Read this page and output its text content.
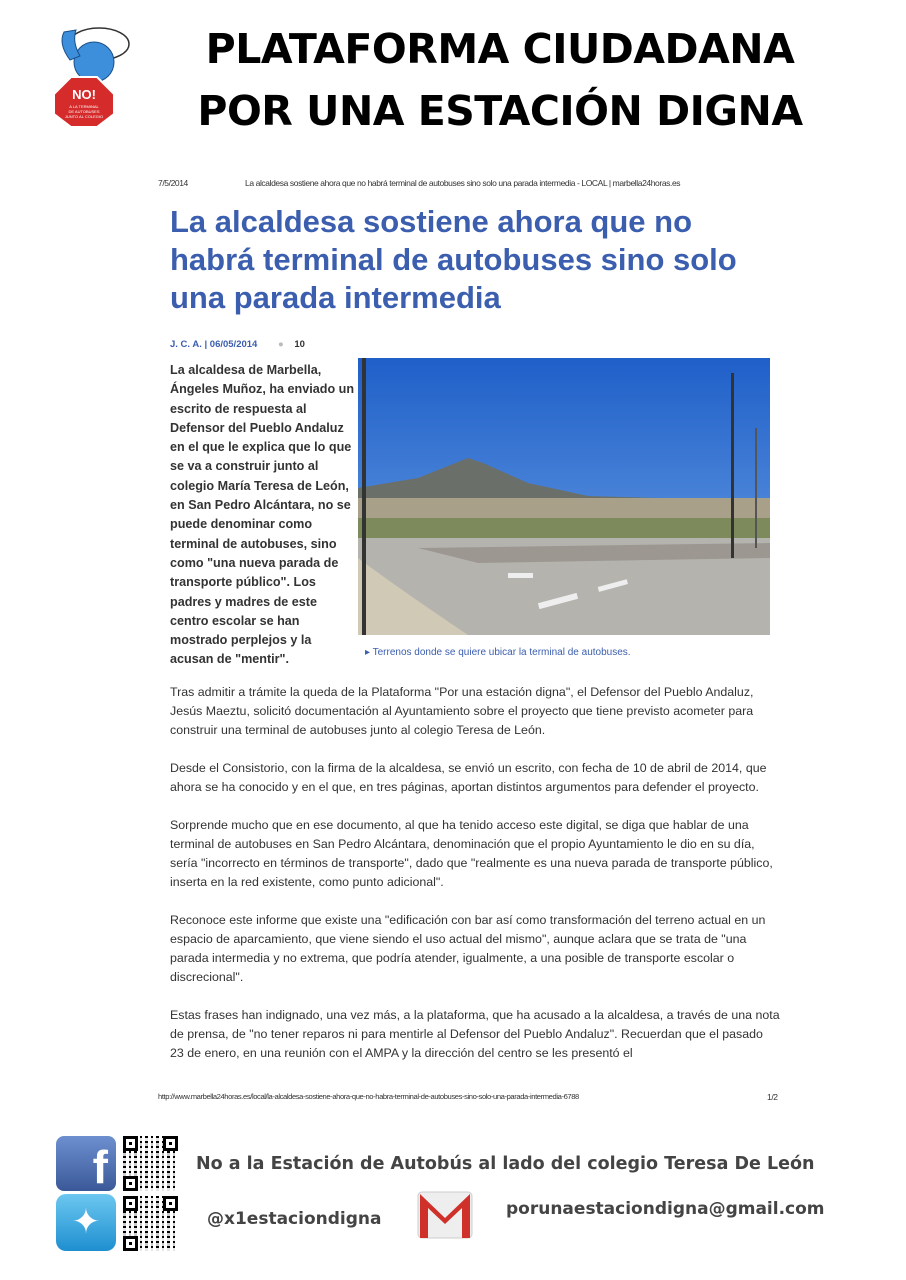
NO!
A LA TERMINAL
DE AUTOBUSES
JUNTO AL COLEGIO
PLATAFORMA CIUDADANA
POR UNA ESTACIÓN DIGNA
7/5/2014	La alcaldesa sostiene ahora que no habrá terminal de autobuses sino solo una parada intermedia - LOCAL | marbella24horas.es
La alcaldesa sostiene ahora que no habrá terminal de autobuses sino solo una parada intermedia
J. C. A. | 06/05/2014 ● 10
La alcaldesa de Marbella, Ángeles Muñoz, ha enviado un escrito de respuesta al Defensor del Pueblo Andaluz en el que le explica que lo que se va a construir junto al colegio María Teresa de León, en San Pedro Alcántara, no se puede denominar como terminal de autobuses, sino como "una nueva parada de transporte público". Los padres y madres de este centro escolar se han mostrado perplejos y la acusan de "mentir".	▸ Terrenos donde se quiere ubicar la terminal de autobuses.

Tras admitir a trámite la queda de la Plataforma "Por una estación digna", el Defensor del Pueblo Andaluz, Jesús Maeztu, solicitó documentación al Ayuntamiento sobre el proyecto que tiene previsto acometer para construir una terminal de autobuses junto al colegio Teresa de León.

Desde el Consistorio, con la firma de la alcaldesa, se envió un escrito, con fecha de 10 de abril de 2014, que ahora se ha conocido y en el que, en tres páginas, aportan distintos argumentos para defender el proyecto.

Sorprende mucho que en ese documento, al que ha tenido acceso este digital, se diga que hablar de una terminal de autobuses en San Pedro Alcántara, denominación que el propio Ayuntamiento le dio en su día, sería "incorrecto en términos de transporte", dado que "realmente es una nueva parada de transporte público, inserta en la red existente, como punto adicional".

Reconoce este informe que existe una "edificación con bar así como transformación del terreno actual en un espacio de aparcamiento, que viene siendo el uso actual del mismo", aunque aclara que se trata de "una parada intermedia y no extrema, que podría atender, igualmente, a una posible de transporte escolar o discrecional".

Estas frases han indignado, una vez más, a la plataforma, que ha acusado a la alcaldesa, a través de una nota de prensa, de "no tener reparos ni para mentirle al Defensor del Pueblo Andaluz". Recuerdan que el pasado 23 de enero, en una reunión con el AMPA y la dirección del centro se les presentó el

http://www.marbella24horas.es/local/la-alcaldesa-sostiene-ahora-que-no-habra-terminal-de-autobuses-sino-solo-una-parada-intermedia-6788	1/2
f
✦
No a la Estación de Autobús al lado del colegio Teresa De León
@x1estaciondigna	porunaestaciondigna@gmail.com
